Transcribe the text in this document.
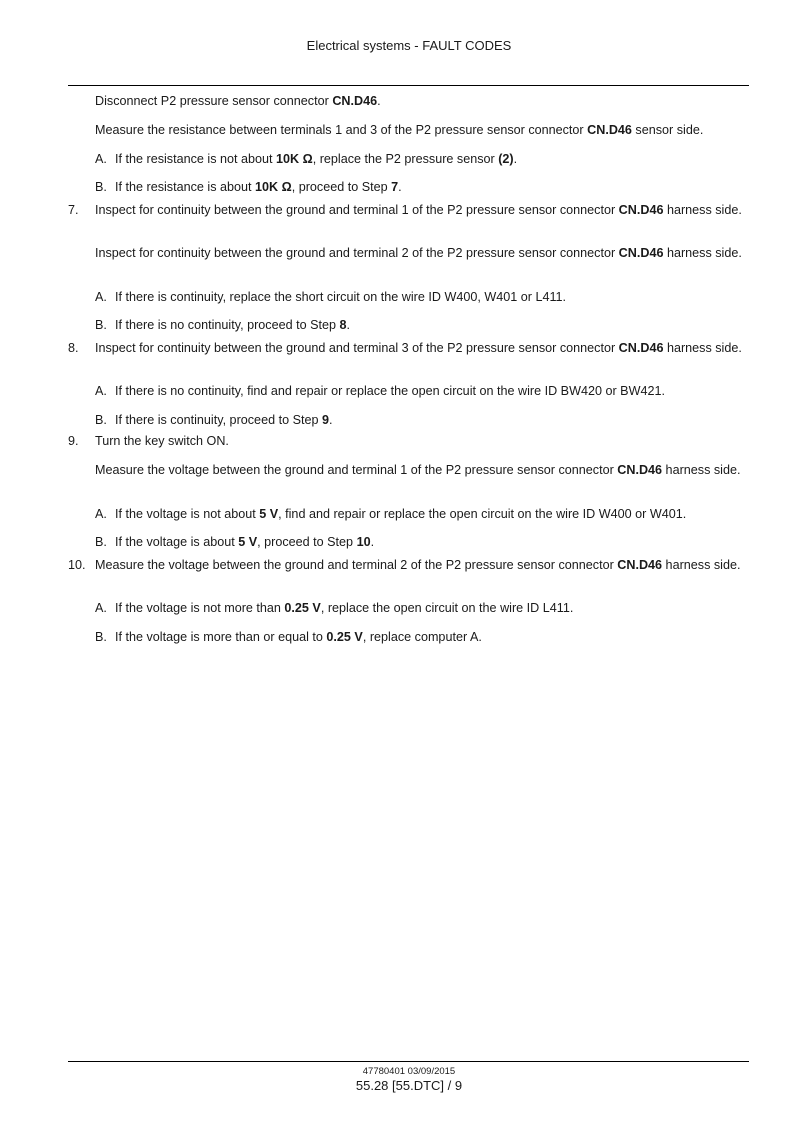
Electrical systems - FAULT CODES
Disconnect P2 pressure sensor connector CN.D46.
Measure the resistance between terminals 1 and 3 of the P2 pressure sensor connector CN.D46 sensor side.
A. If the resistance is not about 10K Ω, replace the P2 pressure sensor (2).
B. If the resistance is about 10K Ω, proceed to Step 7.
7. Inspect for continuity between the ground and terminal 1 of the P2 pressure sensor connector CN.D46 harness side.
Inspect for continuity between the ground and terminal 2 of the P2 pressure sensor connector CN.D46 harness side.
A. If there is continuity, replace the short circuit on the wire ID W400, W401 or L411.
B. If there is no continuity, proceed to Step 8.
8. Inspect for continuity between the ground and terminal 3 of the P2 pressure sensor connector CN.D46 harness side.
A. If there is no continuity, find and repair or replace the open circuit on the wire ID BW420 or BW421.
B. If there is continuity, proceed to Step 9.
9. Turn the key switch ON.
Measure the voltage between the ground and terminal 1 of the P2 pressure sensor connector CN.D46 harness side.
A. If the voltage is not about 5 V, find and repair or replace the open circuit on the wire ID W400 or W401.
B. If the voltage is about 5 V, proceed to Step 10.
10. Measure the voltage between the ground and terminal 2 of the P2 pressure sensor connector CN.D46 harness side.
A. If the voltage is not more than 0.25 V, replace the open circuit on the wire ID L411.
B. If the voltage is more than or equal to 0.25 V, replace computer A.
47780401 03/09/2015
55.28 [55.DTC] / 9
